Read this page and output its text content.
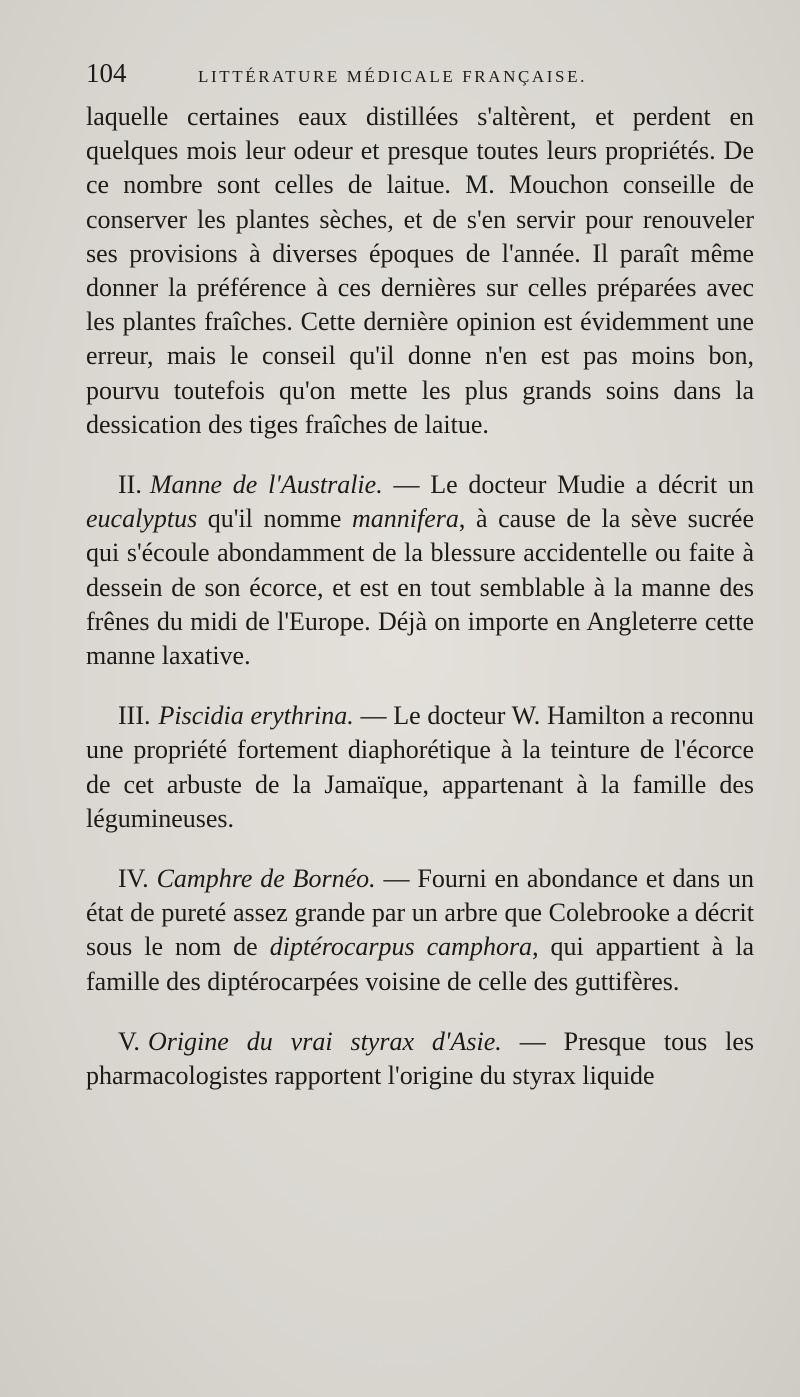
104	LITTÉRATURE MÉDICALE FRANÇAISE.

laquelle certaines eaux distillées s'altèrent, et perdent en quelques mois leur odeur et presque toutes leurs propriétés. De ce nombre sont celles de laitue. M. Mouchon conseille de conserver les plantes sèches, et de s'en servir pour renouveler ses provisions à diverses époques de l'année. Il paraît même donner la préférence à ces dernières sur celles préparées avec les plantes fraîches. Cette dernière opinion est évidemment une erreur, mais le conseil qu'il donne n'en est pas moins bon, pourvu toutefois qu'on mette les plus grands soins dans la dessication des tiges fraîches de laitue.

II. Manne de l'Australie. — Le docteur Mudie a décrit un eucalyptus qu'il nomme mannifera, à cause de la sève sucrée qui s'écoule abondamment de la blessure accidentelle ou faite à dessein de son écorce, et est en tout semblable à la manne des frênes du midi de l'Europe. Déjà on importe en Angleterre cette manne laxative.

III. Piscidia erythrina. — Le docteur W. Hamilton a reconnu une propriété fortement diaphorétique à la teinture de l'écorce de cet arbuste de la Jamaïque, appartenant à la famille des légumineuses.

IV. Camphre de Bornéo. — Fourni en abondance et dans un état de pureté assez grande par un arbre que Colebrooke a décrit sous le nom de diptérocarpus camphora, qui appartient à la famille des diptérocarpées voisine de celle des guttifères.

V. Origine du vrai styrax d'Asie. — Presque tous les pharmacologistes rapportent l'origine du styrax liquide
